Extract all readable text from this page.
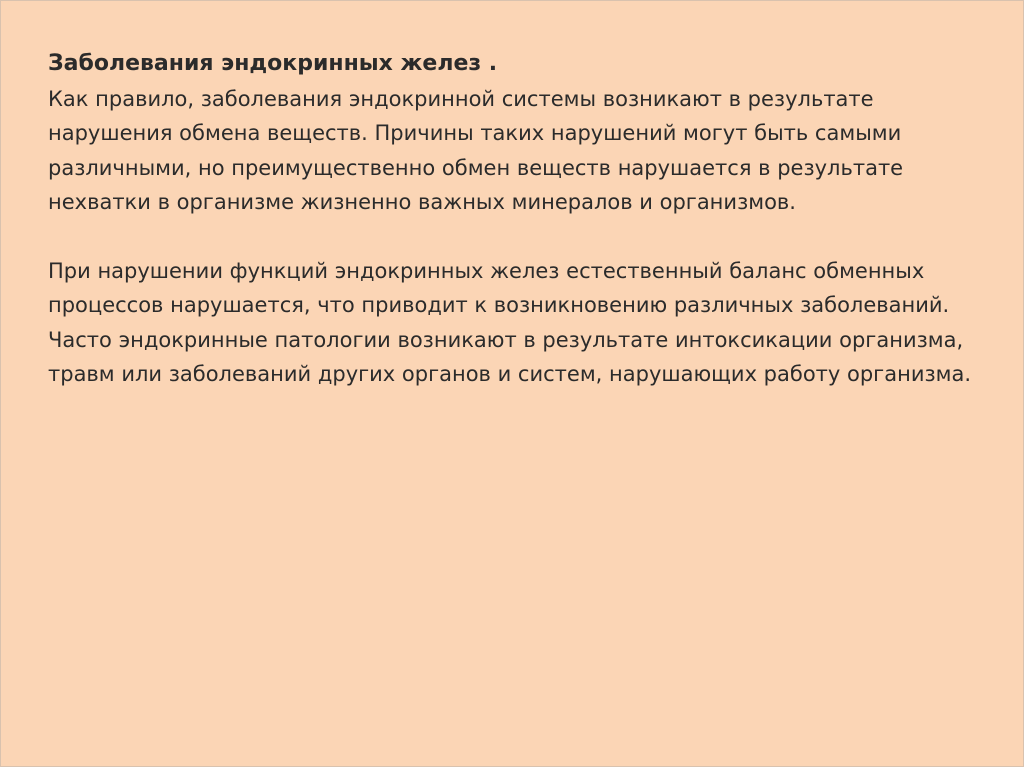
Заболевания эндокринных желез .

Как правило, заболевания эндокринной системы возникают в результате нарушения обмена веществ. Причины таких нарушений могут быть самыми различными, но преимущественно обмен веществ нарушается в результате нехватки в организме жизненно важных минералов и организмов.

При нарушении функций эндокринных желез естественный баланс обменных процессов нарушается, что приводит к возникновению различных заболеваний. Часто эндокринные патологии возникают в результате интоксикации организма, травм или заболеваний других органов и систем, нарушающих работу организма.
